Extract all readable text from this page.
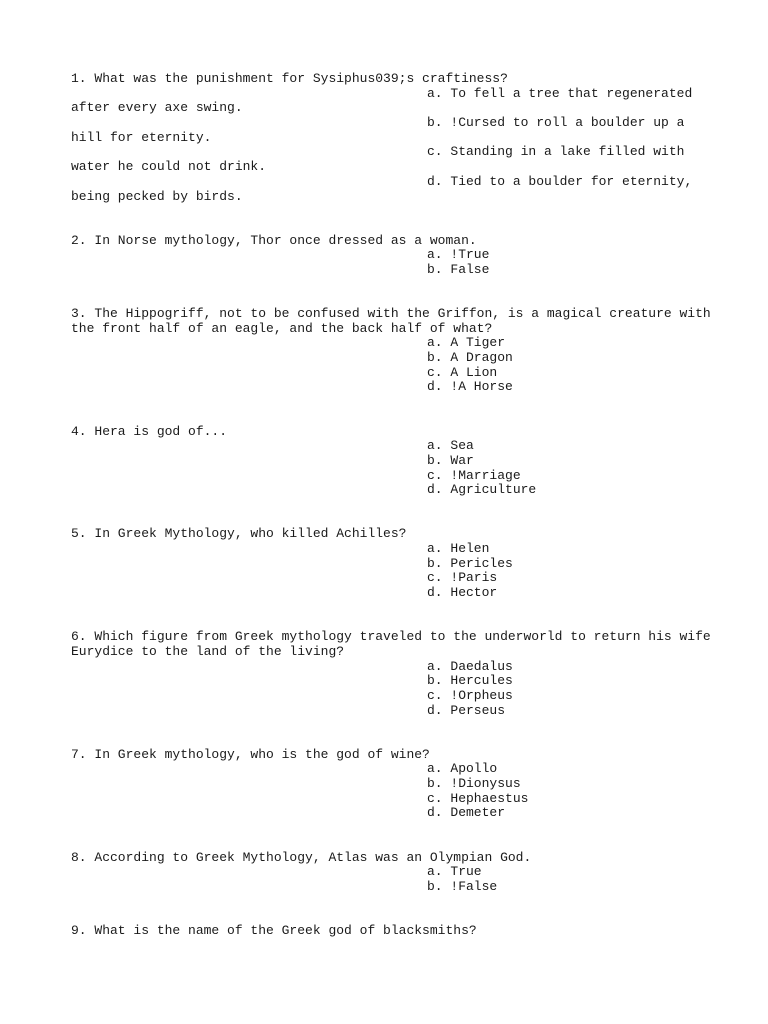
1. What was the punishment for Sysiphus039;s craftiness?
a. To fell a tree that regenerated
after every axe swing.
b. !Cursed to roll a boulder up a
hill for eternity.
c. Standing in a lake filled with
water he could not drink.
d. Tied to a boulder for eternity,
being pecked by birds.
2. In Norse mythology, Thor once dressed as a woman.
a. !True
b. False
3. The Hippogriff, not to be confused with the Griffon, is a magical creature with
the front half of an eagle, and the back half of what?
a. A Tiger
b. A Dragon
c. A Lion
d. !A Horse
4. Hera is god of...
a. Sea
b. War
c. !Marriage
d. Agriculture
5. In Greek Mythology, who killed Achilles?
a. Helen
b. Pericles
c. !Paris
d. Hector
6. Which figure from Greek mythology traveled to the underworld to return his wife
Eurydice to the land of the living?
a. Daedalus
b. Hercules
c. !Orpheus
d. Perseus
7. In Greek mythology, who is the god of wine?
a. Apollo
b. !Dionysus
c. Hephaestus
d. Demeter
8. According to Greek Mythology, Atlas was an Olympian God.
a. True
b. !False
9. What is the name of the Greek god of blacksmiths?
